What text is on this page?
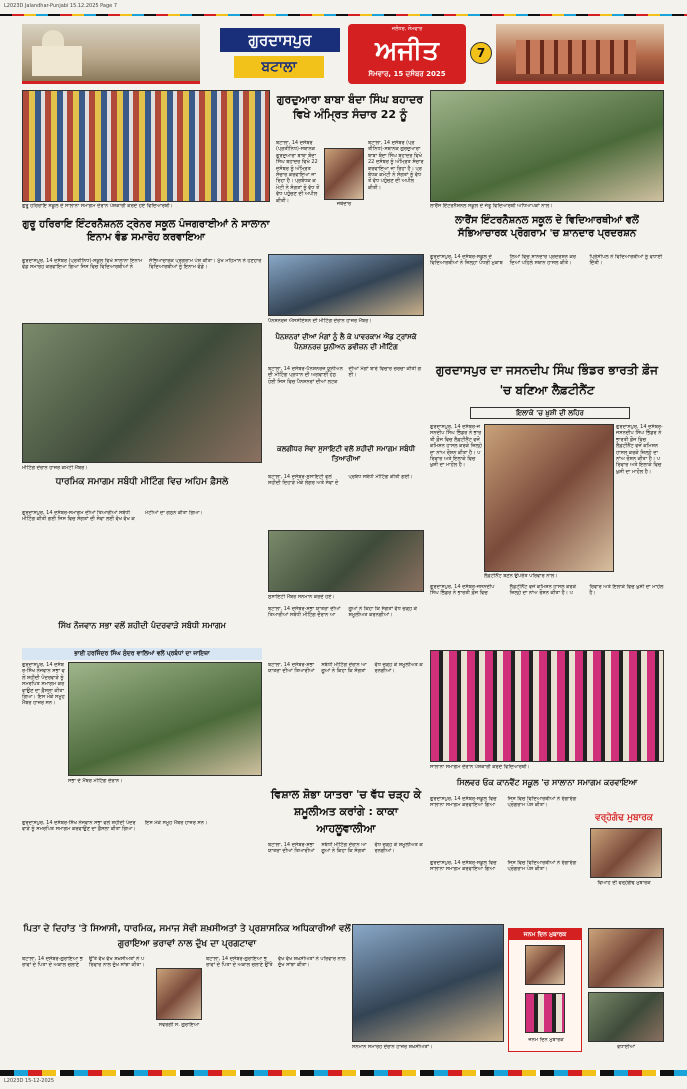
L2023D Jalandhar-Punjabi 15.12.2025 Page 7
ਗੁਰਦਾਸਪੁਰ
ਬਟਾਲਾ
ਜਲੰਧਰ, ਸੋਮਵਾਰ
ਅਜੀਤ
ਸੋਮਵਾਰ, 15 ਦਸੰਬਰ 2025
7
ਗੁਰੂ ਹਰਿਰਾਇ ਸਕੂਲ ਦੇ ਸਾਲਾਨਾ ਸਮਾਗਮ ਦੌਰਾਨ ਪੇਸ਼ਕਾਰੀ ਕਰਦੇ ਹੋਏ ਵਿਦਿਆਰਥੀ।
ਗੁਰਦੁਆਰਾ ਬਾਬਾ ਬੰਦਾ ਸਿੰਘ ਬਹਾਦਰ ਵਿਖੇ ਅੰਮ੍ਰਿਤ ਸੰਚਾਰ 22 ਨੂੰ
ਬਟਾਲਾ, 14 ਦਸੰਬਰ (ਪ੍ਰਤੀਨਿਧ)-ਸਥਾਨਕ ਗੁਰਦੁਆਰਾ ਬਾਬਾ ਬੰਦਾ ਸਿੰਘ ਬਹਾਦਰ ਵਿਖੇ 22 ਦਸੰਬਰ ਨੂੰ ਅੰਮ੍ਰਿਤ ਸੰਚਾਰ ਕਰਵਾਇਆ ਜਾ ਰਿਹਾ ਹੈ। ਪ੍ਰਬੰਧਕ ਕਮੇਟੀ ਨੇ ਸੰਗਤਾਂ ਨੂੰ ਵੱਧ ਤੋਂ ਵੱਧ ਪਹੁੰਚਣ ਦੀ ਅਪੀਲ ਕੀਤੀ।
ਜਥੇਦਾਰ
ਬਟਾਲਾ, 14 ਦਸੰਬਰ (ਪ੍ਰਤੀਨਿਧ)-ਸਥਾਨਕ ਗੁਰਦੁਆਰਾ ਬਾਬਾ ਬੰਦਾ ਸਿੰਘ ਬਹਾਦਰ ਵਿਖੇ 22 ਦਸੰਬਰ ਨੂੰ ਅੰਮ੍ਰਿਤ ਸੰਚਾਰ ਕਰਵਾਇਆ ਜਾ ਰਿਹਾ ਹੈ। ਪ੍ਰਬੰਧਕ ਕਮੇਟੀ ਨੇ ਸੰਗਤਾਂ ਨੂੰ ਵੱਧ ਤੋਂ ਵੱਧ ਪਹੁੰਚਣ ਦੀ ਅਪੀਲ ਕੀਤੀ।
ਲਾਰੈਂਸ ਇੰਟਰਨੈਸ਼ਨਲ ਸਕੂਲ ਦੇ ਜੇਤੂ ਵਿਦਿਆਰਥੀ ਅਧਿਆਪਕਾਂ ਨਾਲ।
ਗੁਰੂ ਹਰਿਰਾਇ ਇੰਟਰਨੈਸ਼ਨਲ ਟ੍ਰੇਨਰ ਸਕੂਲ ਪੰਜਗਰਾਈਆਂ ਨੇ ਸਾਲਾਨਾ ਇਨਾਮ ਵੰਡ ਸਮਾਰੋਹ ਕਰਵਾਇਆ
ਗੁਰਦਾਸਪੁਰ, 14 ਦਸੰਬਰ (ਪ੍ਰਤੀਨਿਧ)-ਸਕੂਲ ਵਿਖੇ ਸਾਲਾਨਾ ਇਨਾਮ ਵੰਡ ਸਮਾਰੋਹ ਕਰਵਾਇਆ ਗਿਆ ਜਿਸ ਵਿਚ ਵਿਦਿਆਰਥੀਆਂ ਨੇ ਸੱਭਿਆਚਾਰਕ ਪ੍ਰੋਗਰਾਮ ਪੇਸ਼ ਕੀਤਾ। ਮੁੱਖ ਮਹਿਮਾਨ ਨੇ ਹੋਣਹਾਰ ਵਿਦਿਆਰਥੀਆਂ ਨੂੰ ਇਨਾਮ ਵੰਡੇ।
ਲਾਰੈਂਸ ਇੰਟਰਨੈਸ਼ਨਲ ਸਕੂਲ ਦੇ ਵਿਦਿਆਰਥੀਆਂ ਵਲੋਂ ਸੱਭਿਆਚਾਰਕ ਪ੍ਰੋਗਰਾਮ 'ਚ ਸ਼ਾਨਦਾਰ ਪ੍ਰਦਰਸ਼ਨ
ਗੁਰਦਾਸਪੁਰ, 14 ਦਸੰਬਰ-ਸਕੂਲ ਦੇ ਵਿਦਿਆਰਥੀਆਂ ਨੇ ਜ਼ਿਲ੍ਹਾ ਪੱਧਰੀ ਮੁਕਾਬਲਿਆਂ ਵਿਚ ਸ਼ਾਨਦਾਰ ਪ੍ਰਦਰਸ਼ਨ ਕਰਦਿਆਂ ਪਹਿਲੇ ਸਥਾਨ ਹਾਸਲ ਕੀਤੇ। ਪ੍ਰਿੰਸੀਪਲ ਨੇ ਵਿਦਿਆਰਥੀਆਂ ਨੂੰ ਵਧਾਈ ਦਿੱਤੀ।
ਪੈਨਸ਼ਨਰਜ਼ ਐਸੋਸੀਏਸ਼ਨ ਦੀ ਮੀਟਿੰਗ ਦੌਰਾਨ ਹਾਜ਼ਰ ਮੈਂਬਰ।
ਮੀਟਿੰਗ ਦੌਰਾਨ ਹਾਜ਼ਰ ਕਮੇਟੀ ਮੈਂਬਰ।
ਪੈਨਸ਼ਨਰਾਂ ਦੀਆਂ ਮੰਗਾਂ ਨੂੰ ਲੈ ਕੇ ਪਾਵਰਕਾਮ ਐਂਡ ਟ੍ਰਾਂਸਕੋ ਪੈਨਸ਼ਨਰਜ਼ ਯੂਨੀਅਨ ਡਵੀਜ਼ਨ ਦੀ ਮੀਟਿੰਗ
ਬਟਾਲਾ, 14 ਦਸੰਬਰ-ਪੈਨਸ਼ਨਰਜ਼ ਯੂਨੀਅਨ ਦੀ ਮੀਟਿੰਗ ਪ੍ਰਧਾਨ ਦੀ ਅਗਵਾਈ ਹੇਠ ਹੋਈ ਜਿਸ ਵਿਚ ਪੈਨਸ਼ਨਰਾਂ ਦੀਆਂ ਲਟਕਦੀਆਂ ਮੰਗਾਂ ਬਾਰੇ ਵਿਚਾਰ ਚਰਚਾ ਕੀਤੀ ਗਈ।	ਗੁਰਦਾਸਪੁਰ ਦਾ ਜਸਨਦੀਪ ਸਿੰਘ ਭਿੰਡਰ ਭਾਰਤੀ ਫ਼ੌਜ 'ਚ ਬਣਿਆ ਲੈਫ਼ਟੀਨੈਂਟ
ਇਲਾਕੇ 'ਚ ਖ਼ੁਸ਼ੀ ਦੀ ਲਹਿਰ
ਗੁਰਦਾਸਪੁਰ, 14 ਦਸੰਬਰ-ਜਸਨਦੀਪ ਸਿੰਘ ਭਿੰਡਰ ਨੇ ਭਾਰਤੀ ਫ਼ੌਜ ਵਿਚ ਲੈਫ਼ਟੀਨੈਂਟ ਵਜੋਂ ਕਮਿਸ਼ਨ ਹਾਸਲ ਕਰਕੇ ਜ਼ਿਲ੍ਹੇ ਦਾ ਨਾਂਅ ਰੌਸ਼ਨ ਕੀਤਾ ਹੈ। ਪਰਿਵਾਰ ਅਤੇ ਇਲਾਕੇ ਵਿਚ ਖ਼ੁਸ਼ੀ ਦਾ ਮਾਹੌਲ ਹੈ।
ਗੁਰਦਾਸਪੁਰ, 14 ਦਸੰਬਰ-ਜਸਨਦੀਪ ਸਿੰਘ ਭਿੰਡਰ ਨੇ ਭਾਰਤੀ ਫ਼ੌਜ ਵਿਚ ਲੈਫ਼ਟੀਨੈਂਟ ਵਜੋਂ ਕਮਿਸ਼ਨ ਹਾਸਲ ਕਰਕੇ ਜ਼ਿਲ੍ਹੇ ਦਾ ਨਾਂਅ ਰੌਸ਼ਨ ਕੀਤਾ ਹੈ। ਪਰਿਵਾਰ ਅਤੇ ਇਲਾਕੇ ਵਿਚ ਖ਼ੁਸ਼ੀ ਦਾ ਮਾਹੌਲ ਹੈ।
ਲੈਫ਼ਟੀਨੈਂਟ ਬਣਨ ਉਪਰੰਤ ਪਰਿਵਾਰ ਨਾਲ।
ਗੁਰਦਾਸਪੁਰ, 14 ਦਸੰਬਰ-ਜਸਨਦੀਪ ਸਿੰਘ ਭਿੰਡਰ ਨੇ ਭਾਰਤੀ ਫ਼ੌਜ ਵਿਚ ਲੈਫ਼ਟੀਨੈਂਟ ਵਜੋਂ ਕਮਿਸ਼ਨ ਹਾਸਲ ਕਰਕੇ ਜ਼ਿਲ੍ਹੇ ਦਾ ਨਾਂਅ ਰੌਸ਼ਨ ਕੀਤਾ ਹੈ। ਪਰਿਵਾਰ ਅਤੇ ਇਲਾਕੇ ਵਿਚ ਖ਼ੁਸ਼ੀ ਦਾ ਮਾਹੌਲ ਹੈ।
ਧਾਰਮਿਕ ਸਮਾਗਮ ਸਬੰਧੀ ਮੀਟਿੰਗ ਵਿਚ ਅਹਿਮ ਫ਼ੈਸਲੇ
ਗੁਰਦਾਸਪੁਰ, 14 ਦਸੰਬਰ-ਸਮਾਗਮ ਦੀਆਂ ਤਿਆਰੀਆਂ ਸਬੰਧੀ ਮੀਟਿੰਗ ਕੀਤੀ ਗਈ ਜਿਸ ਵਿਚ ਸੰਗਤਾਂ ਦੀ ਸੇਵਾ ਲਈ ਵੱਖ ਵੱਖ ਕਮੇਟੀਆਂ ਦਾ ਗਠਨ ਕੀਤਾ ਗਿਆ।
ਕਲਗੀਧਰ ਸੇਵਾ ਸੁਸਾਇਟੀ ਵਲੋਂ ਸ਼ਹੀਦੀ ਸਮਾਗਮ ਸਬੰਧੀ ਤਿਆਰੀਆਂ
ਸੁਸਾਇਟੀ ਮੈਂਬਰ ਸਨਮਾਨ ਕਰਦੇ ਹੋਏ।
ਬਟਾਲਾ, 14 ਦਸੰਬਰ-ਸੁਸਾਇਟੀ ਵਲੋਂ ਸ਼ਹੀਦੀ ਦਿਹਾੜੇ ਮੌਕੇ ਲੰਗਰ ਅਤੇ ਸੇਵਾ ਦੇ ਪ੍ਰਬੰਧ ਸਬੰਧੀ ਮੀਟਿੰਗ ਕੀਤੀ ਗਈ।
ਬਟਾਲਾ, 14 ਦਸੰਬਰ-ਸ਼ੋਭਾ ਯਾਤਰਾ ਦੀਆਂ ਤਿਆਰੀਆਂ ਸਬੰਧੀ ਮੀਟਿੰਗ ਦੌਰਾਨ ਆਗੂਆਂ ਨੇ ਕਿਹਾ ਕਿ ਸੰਗਤਾਂ ਵੱਧ ਚੜ੍ਹ ਕੇ ਸ਼ਮੂਲੀਅਤ ਕਰਨਗੀਆਂ।
ਸਿੱਖ ਨੌਜਵਾਨ ਸਭਾ ਵਲੋਂ ਸ਼ਹੀਦੀ ਪੰਦਰਵਾੜੇ ਸਬੰਧੀ ਸਮਾਗਮ
ਭਾਈ ਹਰਜਿੰਦਰ ਸਿੰਘ ਸੁੰਦਰ ਵਾਲਿਆਂ ਵਲੋਂ ਪ੍ਰਬੰਧਾਂ ਦਾ ਜਾਇਜ਼ਾ
ਗੁਰਦਾਸਪੁਰ, 14 ਦਸੰਬਰ-ਸਿੱਖ ਨੌਜਵਾਨ ਸਭਾ ਵਲੋਂ ਸ਼ਹੀਦੀ ਪੰਦਰਵਾੜੇ ਨੂੰ ਸਮਰਪਿਤ ਸਮਾਗਮ ਕਰਵਾਉਣ ਦਾ ਫ਼ੈਸਲਾ ਕੀਤਾ ਗਿਆ। ਇਸ ਮੌਕੇ ਸਮੂਹ ਮੈਂਬਰ ਹਾਜ਼ਰ ਸਨ।
ਸਭਾ ਦੇ ਮੈਂਬਰ ਮੀਟਿੰਗ ਦੌਰਾਨ।
ਗੁਰਦਾਸਪੁਰ, 14 ਦਸੰਬਰ-ਸਿੱਖ ਨੌਜਵਾਨ ਸਭਾ ਵਲੋਂ ਸ਼ਹੀਦੀ ਪੰਦਰਵਾੜੇ ਨੂੰ ਸਮਰਪਿਤ ਸਮਾਗਮ ਕਰਵਾਉਣ ਦਾ ਫ਼ੈਸਲਾ ਕੀਤਾ ਗਿਆ। ਇਸ ਮੌਕੇ ਸਮੂਹ ਮੈਂਬਰ ਹਾਜ਼ਰ ਸਨ।
ਬਟਾਲਾ, 14 ਦਸੰਬਰ-ਸ਼ੋਭਾ ਯਾਤਰਾ ਦੀਆਂ ਤਿਆਰੀਆਂ ਸਬੰਧੀ ਮੀਟਿੰਗ ਦੌਰਾਨ ਆਗੂਆਂ ਨੇ ਕਿਹਾ ਕਿ ਸੰਗਤਾਂ ਵੱਧ ਚੜ੍ਹ ਕੇ ਸ਼ਮੂਲੀਅਤ ਕਰਨਗੀਆਂ।
ਸਾਲਾਨਾ ਸਮਾਗਮ ਦੌਰਾਨ ਪੇਸ਼ਕਾਰੀ ਕਰਦੇ ਵਿਦਿਆਰਥੀ।
ਸਿਲਵਰ ਓਕ ਕਾਨਵੈਂਟ ਸਕੂਲ 'ਚ ਸਾਲਾਨਾ ਸਮਾਗਮ ਕਰਵਾਇਆ
ਵਿਸ਼ਾਲ ਸ਼ੋਭਾ ਯਾਤਰਾ 'ਚ ਵੱਧ ਚੜ੍ਹ ਕੇ ਸ਼ਮੂਲੀਅਤ ਕਰਾਂਗੇ : ਕਾਕਾ ਆਹਲੂਵਾਲੀਆ
ਬਟਾਲਾ, 14 ਦਸੰਬਰ-ਸ਼ੋਭਾ ਯਾਤਰਾ ਦੀਆਂ ਤਿਆਰੀਆਂ ਸਬੰਧੀ ਮੀਟਿੰਗ ਦੌਰਾਨ ਆਗੂਆਂ ਨੇ ਕਿਹਾ ਕਿ ਸੰਗਤਾਂ ਵੱਧ ਚੜ੍ਹ ਕੇ ਸ਼ਮੂਲੀਅਤ ਕਰਨਗੀਆਂ।
ਗੁਰਦਾਸਪੁਰ, 14 ਦਸੰਬਰ-ਸਕੂਲ ਵਿਚ ਸਾਲਾਨਾ ਸਮਾਗਮ ਕਰਵਾਇਆ ਗਿਆ ਜਿਸ ਵਿਚ ਵਿਦਿਆਰਥੀਆਂ ਨੇ ਰੰਗਾਰੰਗ ਪ੍ਰੋਗਰਾਮ ਪੇਸ਼ ਕੀਤਾ।
ਵਰ੍ਹੇਗੰਢ ਮੁਬਾਰਕ
ਵਿਆਹ ਦੀ ਵਰ੍ਹੇਗੰਢ ਮੁਬਾਰਕ
ਗੁਰਦਾਸਪੁਰ, 14 ਦਸੰਬਰ-ਸਕੂਲ ਵਿਚ ਸਾਲਾਨਾ ਸਮਾਗਮ ਕਰਵਾਇਆ ਗਿਆ ਜਿਸ ਵਿਚ ਵਿਦਿਆਰਥੀਆਂ ਨੇ ਰੰਗਾਰੰਗ ਪ੍ਰੋਗਰਾਮ ਪੇਸ਼ ਕੀਤਾ।
ਪਿਤਾ ਦੇ ਦਿਹਾਂਤ 'ਤੇ ਸਿਆਸੀ, ਧਾਰਮਿਕ, ਸਮਾਜ ਸੇਵੀ ਸ਼ਖ਼ਸੀਅਤਾਂ ਤੇ ਪ੍ਰਸ਼ਾਸਨਿਕ ਅਧਿਕਾਰੀਆਂ ਵਲੋਂ ਗੁਰਾਇਆ ਭਰਾਵਾਂ ਨਾਲ ਦੁੱਖ ਦਾ ਪ੍ਰਗਟਾਵਾ
ਬਟਾਲਾ, 14 ਦਸੰਬਰ-ਗੁਰਾਇਆ ਭਰਾਵਾਂ ਦੇ ਪਿਤਾ ਦੇ ਅਕਾਲ ਚਲਾਣੇ ਉੱਤੇ ਵੱਖ ਵੱਖ ਸ਼ਖ਼ਸੀਅਤਾਂ ਨੇ ਪਰਿਵਾਰ ਨਾਲ ਦੁੱਖ ਸਾਂਝਾ ਕੀਤਾ।
ਸਵਰਗੀ ਸ. ਗੁਰਾਇਆ
ਬਟਾਲਾ, 14 ਦਸੰਬਰ-ਗੁਰਾਇਆ ਭਰਾਵਾਂ ਦੇ ਪਿਤਾ ਦੇ ਅਕਾਲ ਚਲਾਣੇ ਉੱਤੇ ਵੱਖ ਵੱਖ ਸ਼ਖ਼ਸੀਅਤਾਂ ਨੇ ਪਰਿਵਾਰ ਨਾਲ ਦੁੱਖ ਸਾਂਝਾ ਕੀਤਾ।
ਸਨਮਾਨ ਸਮਾਰੋਹ ਦੌਰਾਨ ਹਾਜ਼ਰ ਸ਼ਖ਼ਸੀਅਤਾਂ।
ਜਨਮ ਦਿਨ ਮੁਬਾਰਕ
ਜਨਮ ਦਿਨ ਮੁਬਾਰਕ
ਵਧਾਈਆਂ
L2023D 15-12-2025
